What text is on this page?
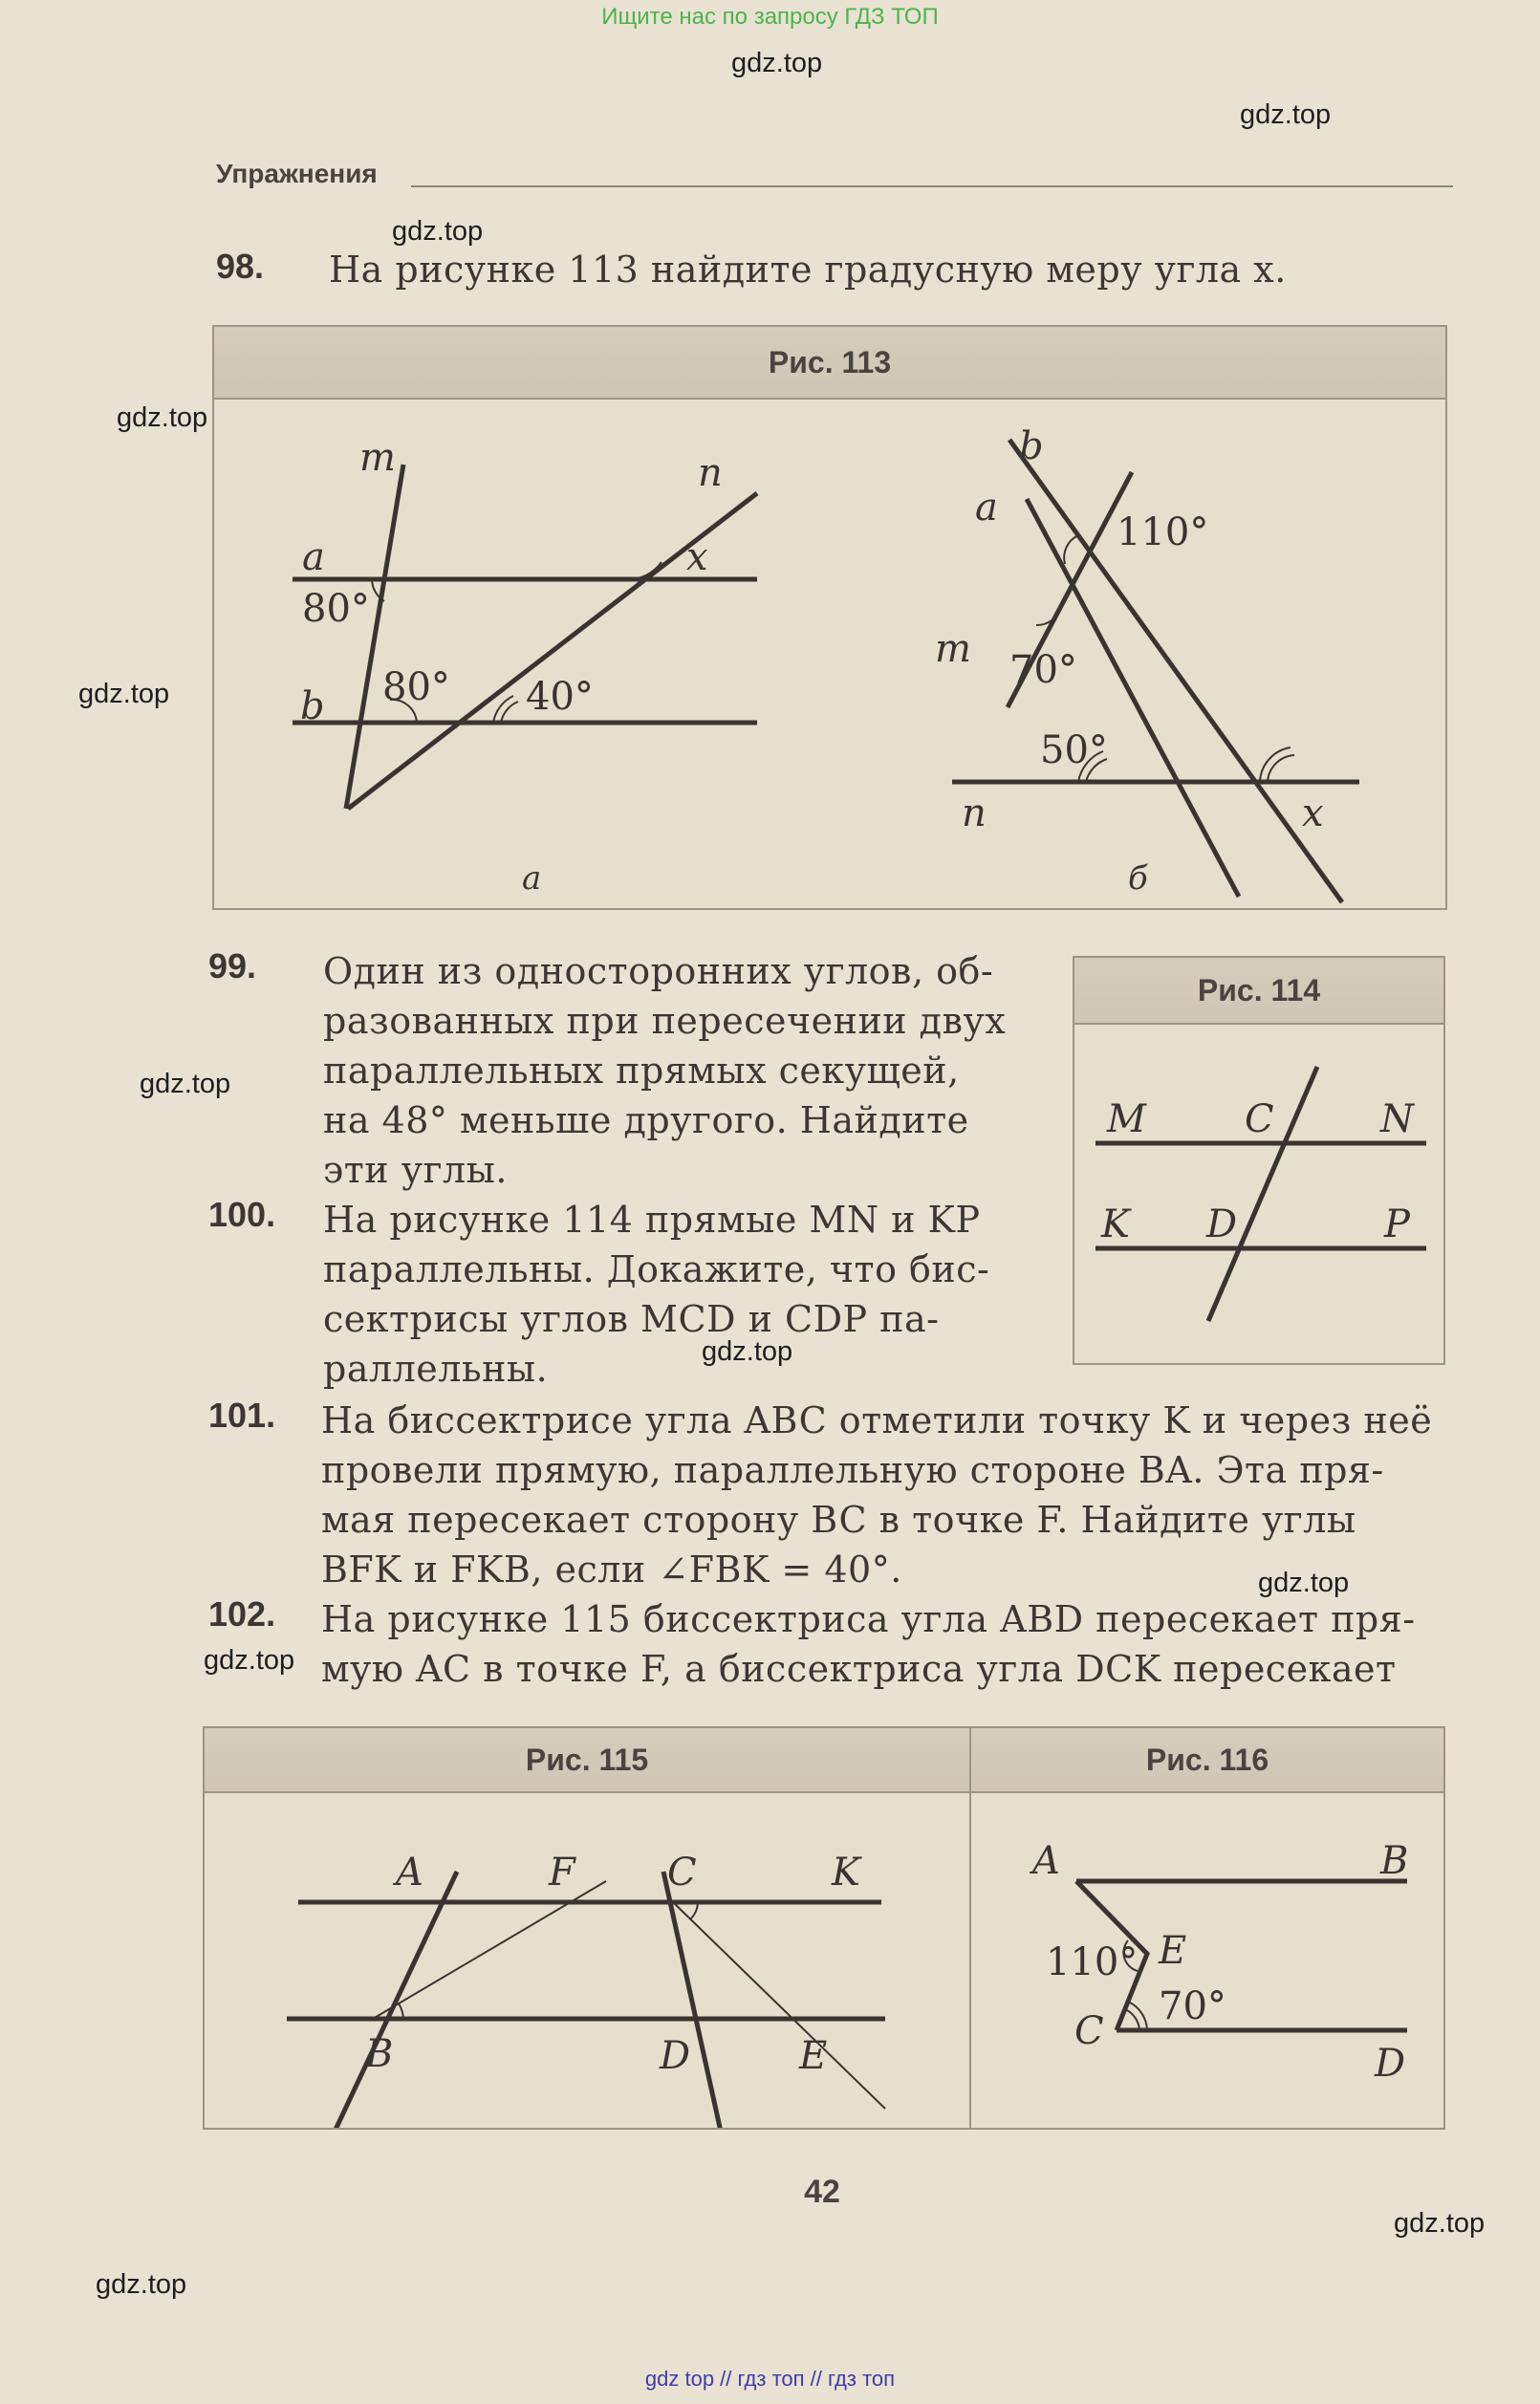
Ищите нас по запросу ГДЗ ТОП
gdz.top
gdz.top
gdz.top
gdz.top
gdz.top
gdz.top
gdz.top
gdz.top
gdz.top
gdz.top
gdz.top
Упражнения
98. На рисунке 113 найдите градусную меру угла x.
Рис. 113
m	n
a
b
x
80°
80° 40°
а
b
a
m
n	x
110°
70°
50°
б
99. Один из односторонних углов, об-
разованных при пересечении двух
параллельных прямых секущей,
на 48° меньше другого. Найдите
эти углы.
100. На рисунке 114 прямые MN и KP
параллельны. Докажите, что бис-
сектрисы углов MCD и CDP па-
раллельны.
Рис. 114
M	C	N
K D	P
101. На биссектрисе угла ABC отметили точку K и через неё
провели прямую, параллельную стороне BA. Эта пря-
мая пересекает сторону BC в точке F. Найдите углы
BFK и FKB, если ∠FBK = 40°.
102. На рисунке 115 биссектриса угла ABD пересекает пря-
мую AC в точке F, а биссектриса угла DCK пересекает
Рис. 115
A	F C	K
B	D	E
Рис. 116
A	B
E
C
D
110°
70°
42
gdz top // гдз топ // гдз топ
